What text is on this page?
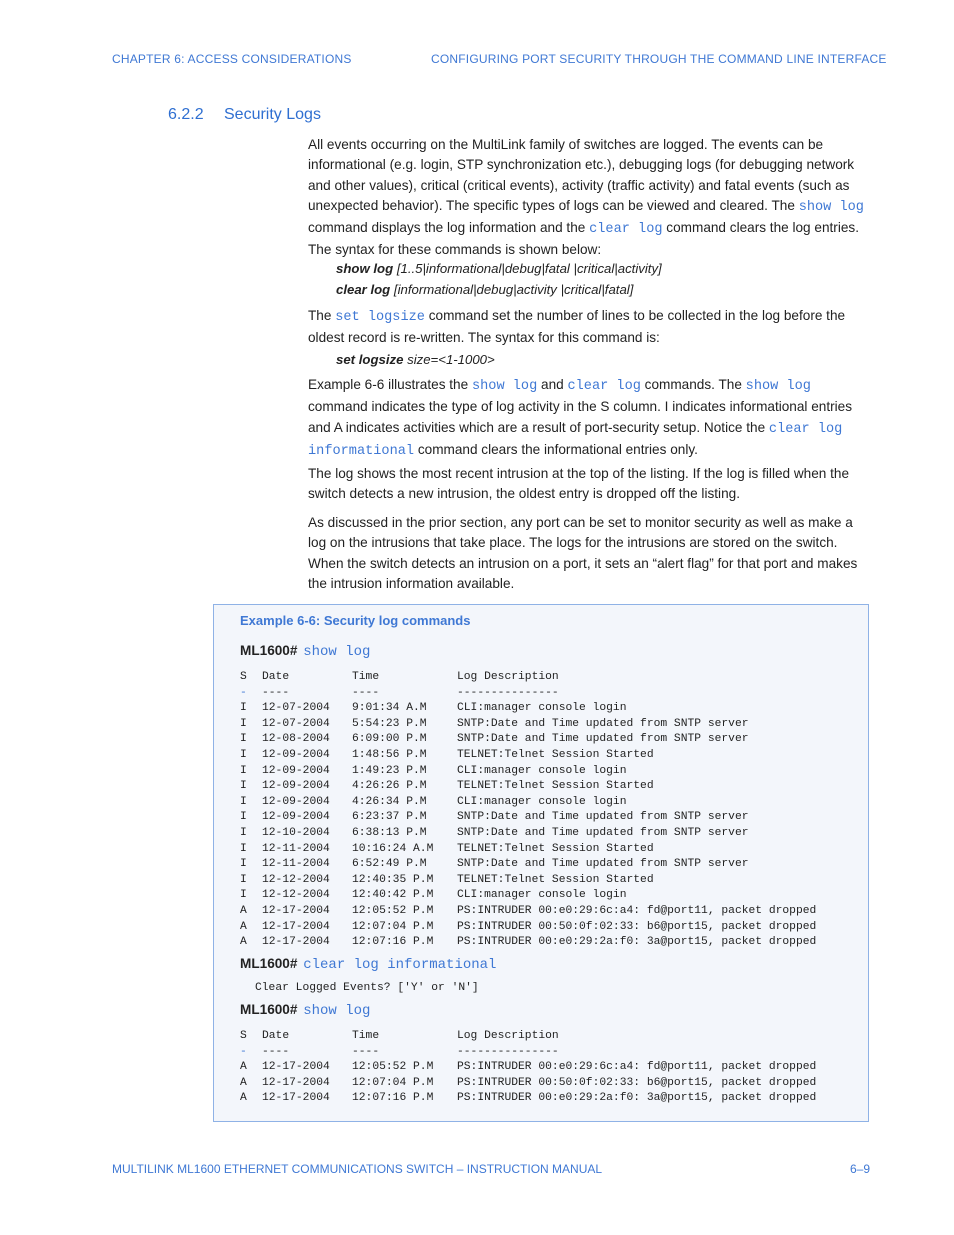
CHAPTER 6: ACCESS CONSIDERATIONS	CONFIGURING PORT SECURITY THROUGH THE COMMAND LINE INTERFACE
6.2.2 Security Logs

All events occurring on the MultiLink family of switches are logged. The events can be informational (e.g. login, STP synchronization etc.), debugging logs (for debugging network and other values), critical (critical events), activity (traffic activity) and fatal events (such as unexpected behavior). The specific types of logs can be viewed and cleared. The show log command displays the log information and the clear log command clears the log entries. The syntax for these commands is shown below:

show log [1..5|informational|debug|fatal |critical|activity]
clear log [informational|debug|activity |critical|fatal]

The set logsize command set the number of lines to be collected in the log before the oldest record is re-written. The syntax for this command is:

set logsize size=<1-1000>

Example 6-6 illustrates the show log and clear log commands. The show log command indicates the type of log activity in the S column. I indicates informational entries and A indicates activities which are a result of port-security setup. Notice the clear log informational command clears the informational entries only.

The log shows the most recent intrusion at the top of the listing. If the log is filled when the switch detects a new intrusion, the oldest entry is dropped off the listing.

As discussed in the prior section, any port can be set to monitor security as well as make a log on the intrusions that take place. The logs for the intrusions are stored on the switch. When the switch detects an intrusion on a port, it sets an “alert flag” for that port and makes the intrusion information available.

Example 6-6: Security log commands
ML1600# show log
S	Date	Time	Log Description
-	----	----	---------------
I	12-07-2004	9:01:34 A.M	CLI:manager console login
I	12-07-2004	5:54:23 P.M	SNTP:Date and Time updated from SNTP server
I	12-08-2004	6:09:00 P.M	SNTP:Date and Time updated from SNTP server
I	12-09-2004	1:48:56 P.M	TELNET:Telnet Session Started
I	12-09-2004	1:49:23 P.M	CLI:manager console login
I	12-09-2004	4:26:26 P.M	TELNET:Telnet Session Started
I	12-09-2004	4:26:34 P.M	CLI:manager console login
I	12-09-2004	6:23:37 P.M	SNTP:Date and Time updated from SNTP server
I	12-10-2004	6:38:13 P.M	SNTP:Date and Time updated from SNTP server
I	12-11-2004	10:16:24 A.M	TELNET:Telnet Session Started
I	12-11-2004	6:52:49 P.M	SNTP:Date and Time updated from SNTP server
I	12-12-2004	12:40:35 P.M	TELNET:Telnet Session Started
I	12-12-2004	12:40:42 P.M	CLI:manager console login
A	12-17-2004	12:05:52 P.M	PS:INTRUDER 00:e0:29:6c:a4: fd@port11, packet dropped
A	12-17-2004	12:07:04 P.M	PS:INTRUDER 00:50:0f:02:33: b6@port15, packet dropped
A	12-17-2004	12:07:16 P.M	PS:INTRUDER 00:e0:29:2a:f0: 3a@port15, packet dropped
ML1600# clear log informational
Clear Logged Events? ['Y' or 'N']
ML1600# show log
S	Date	Time	Log Description
-	----	----	---------------
A	12-17-2004	12:05:52 P.M	PS:INTRUDER 00:e0:29:6c:a4: fd@port11, packet dropped
A	12-17-2004	12:07:04 P.M	PS:INTRUDER 00:50:0f:02:33: b6@port15, packet dropped
A	12-17-2004	12:07:16 P.M	PS:INTRUDER 00:e0:29:2a:f0: 3a@port15, packet dropped
MULTILINK ML1600 ETHERNET COMMUNICATIONS SWITCH – INSTRUCTION MANUAL	6–9
